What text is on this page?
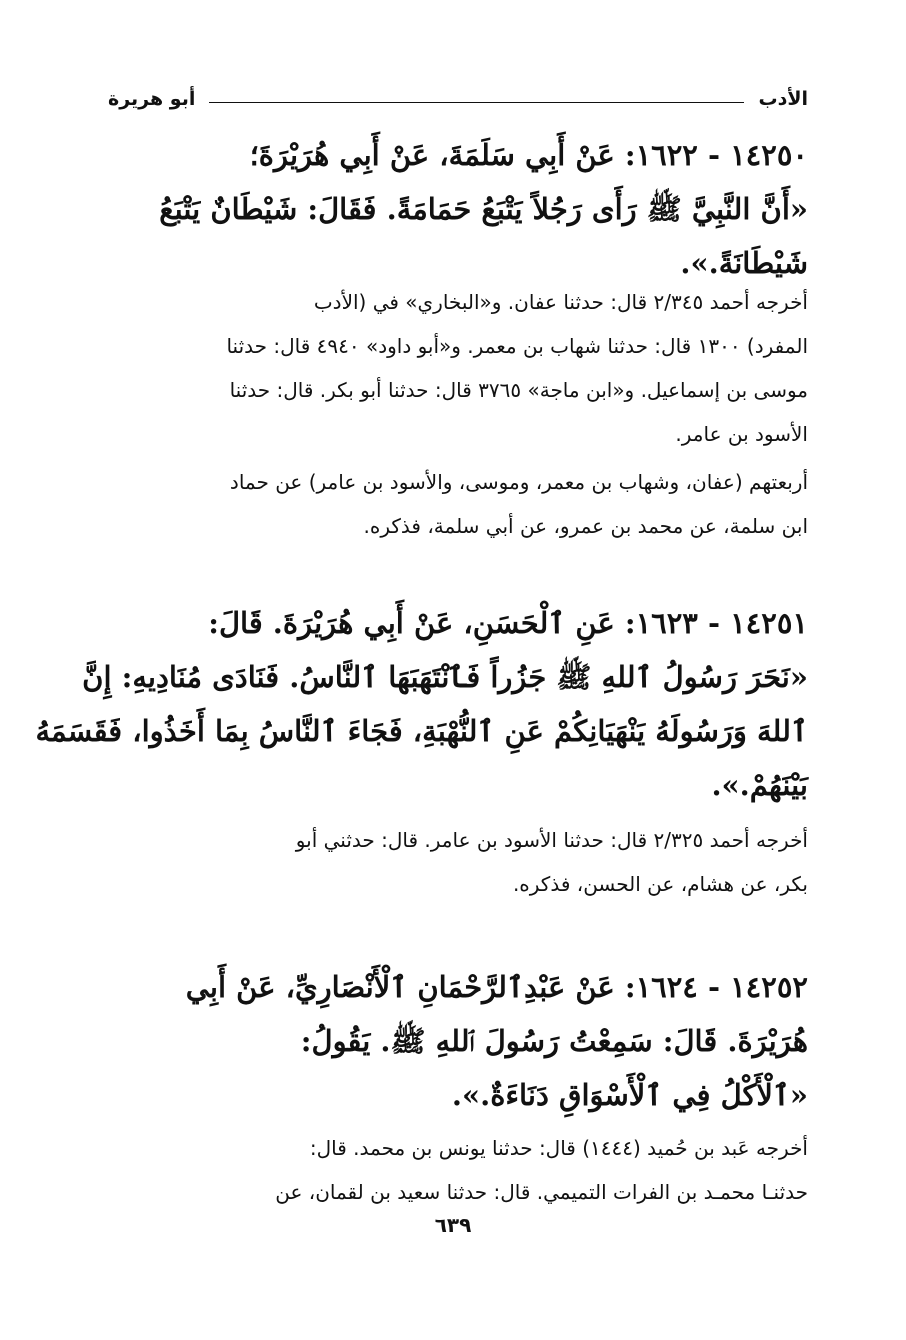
الأدب
أبو هريرة
١٤٢٥٠ - ١٦٢٢: عَنْ أَبِي سَلَمَةَ، عَنْ أَبِي هُرَيْرَةَ؛
«أَنَّ النَّبِيَّ ﷺ رَأَى رَجُلاً يَتْبَعُ حَمَامَةً. فَقَالَ: شَيْطَانٌ يَتْبَعُ
شَيْطَانَةً.».
أخرجه أحمد ٢/٣٤٥ قال: حدثنا عفان. و«البخاري» في (الأدب
المفرد) ١٣٠٠ قال: حدثنا شهاب بن معمر. و«أبو داود» ٤٩٤٠ قال: حدثنا
موسى بن إسماعيل. و«ابن ماجة» ٣٧٦٥ قال: حدثنا أبو بكر. قال: حدثنا
الأسود بن عامر.
أربعتهم (عفان، وشهاب بن معمر، وموسى، والأسود بن عامر) عن حماد
ابن سلمة، عن محمد بن عمرو، عن أبي سلمة، فذكره.
١٤٢٥١ - ١٦٢٣: عَنِ ٱلْحَسَنِ، عَنْ أَبِي هُرَيْرَةَ. قَالَ:
«نَحَرَ رَسُولُ ٱللهِ ﷺ جَزُراً فَٱنْتَهَبَهَا ٱلنَّاسُ. فَنَادَى مُنَادِيهِ: إِنَّ
ٱللهَ وَرَسُولَهُ يَنْهَيَانِكُمْ عَنِ ٱلنُّهْبَةِ، فَجَاءَ ٱلنَّاسُ بِمَا أَخَذُوا، فَقَسَمَهُ
بَيْنَهُمْ.».
أخرجه أحمد ٢/٣٢٥ قال: حدثنا الأسود بن عامر. قال: حدثني أبو
بكر، عن هشام، عن الحسن، فذكره.
١٤٢٥٢ - ١٦٢٤: عَنْ عَبْدِٱلرَّحْمَانِ ٱلْأَنْصَارِيِّ، عَنْ أَبِي
هُرَيْرَةَ. قَالَ: سَمِعْتُ رَسُولَ ٱللهِ ﷺ. يَقُولُ:
«ٱلْأَكْلُ فِي ٱلْأَسْوَاقِ دَنَاءَةٌ.».
أخرجه عَبد بن حُميد (١٤٤٤) قال: حدثنا يونس بن محمد. قال:
حدثنـا محمـد بن الفرات التميمي. قال: حدثنا سعيد بن لقمان، عن
٦٣٩
